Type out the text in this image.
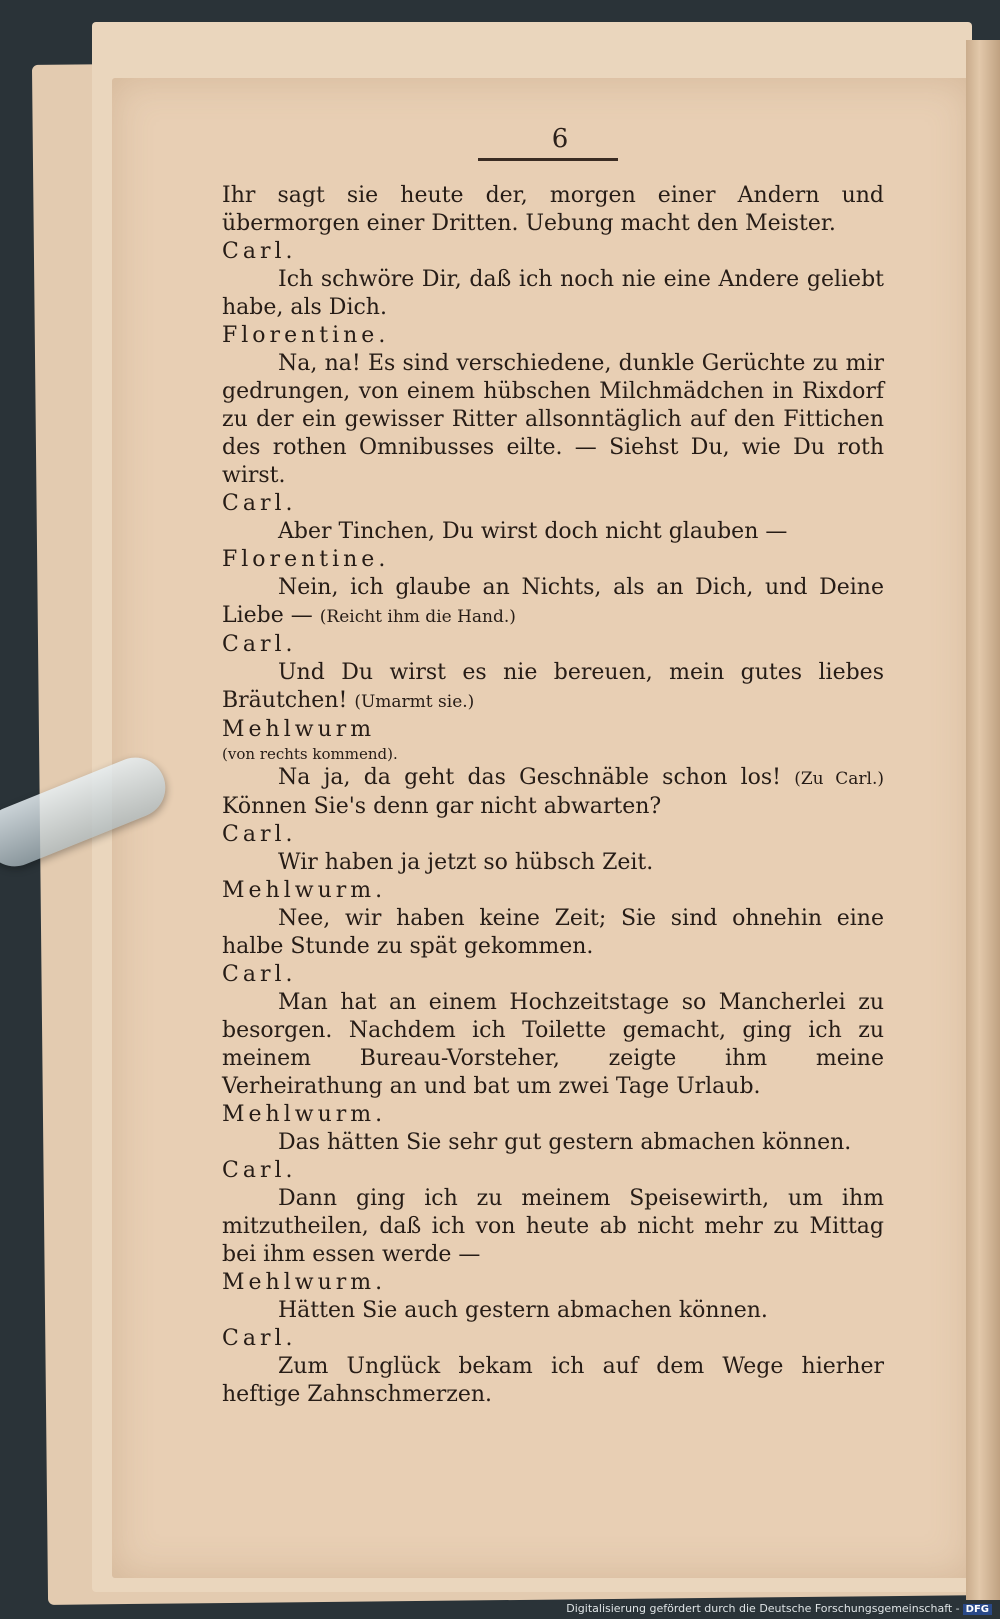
6

Ihr sagt sie heute der, morgen einer Andern und übermorgen einer Dritten. Uebung macht den Meister.

Carl.

Ich schwöre Dir, daß ich noch nie eine Andere geliebt habe, als Dich.

Florentine.

Na, na! Es sind verschiedene, dunkle Gerüchte zu mir gedrungen, von einem hübschen Milchmädchen in Rixdorf zu der ein gewisser Ritter allsonntäglich auf den Fittichen des rothen Omnibusses eilte. — Siehst Du, wie Du roth wirst.

Carl.

Aber Tinchen, Du wirst doch nicht glauben —

Florentine.

Nein, ich glaube an Nichts, als an Dich, und Deine Liebe — (Reicht ihm die Hand.)

Carl.

Und Du wirst es nie bereuen, mein gutes liebes Bräutchen! (Umarmt sie.)

Mehlwurm

(von rechts kommend).

Na ja, da geht das Geschnäble schon los! (Zu Carl.) Können Sie's denn gar nicht abwarten?

Carl.

Wir haben ja jetzt so hübsch Zeit.

Mehlwurm.

Nee, wir haben keine Zeit; Sie sind ohnehin eine halbe Stunde zu spät gekommen.

Carl.

Man hat an einem Hochzeitstage so Mancherlei zu besorgen. Nachdem ich Toilette gemacht, ging ich zu meinem Bureau-Vorsteher, zeigte ihm meine Verheirathung an und bat um zwei Tage Urlaub.

Mehlwurm.

Das hätten Sie sehr gut gestern abmachen können.

Carl.

Dann ging ich zu meinem Speisewirth, um ihm mitzutheilen, daß ich von heute ab nicht mehr zu Mittag bei ihm essen werde —

Mehlwurm.

Hätten Sie auch gestern abmachen können.

Carl.

Zum Unglück bekam ich auf dem Wege hierher heftige Zahnschmerzen.

Digitalisierung gefördert durch die Deutsche Forschungsgemeinschaft - DFG
